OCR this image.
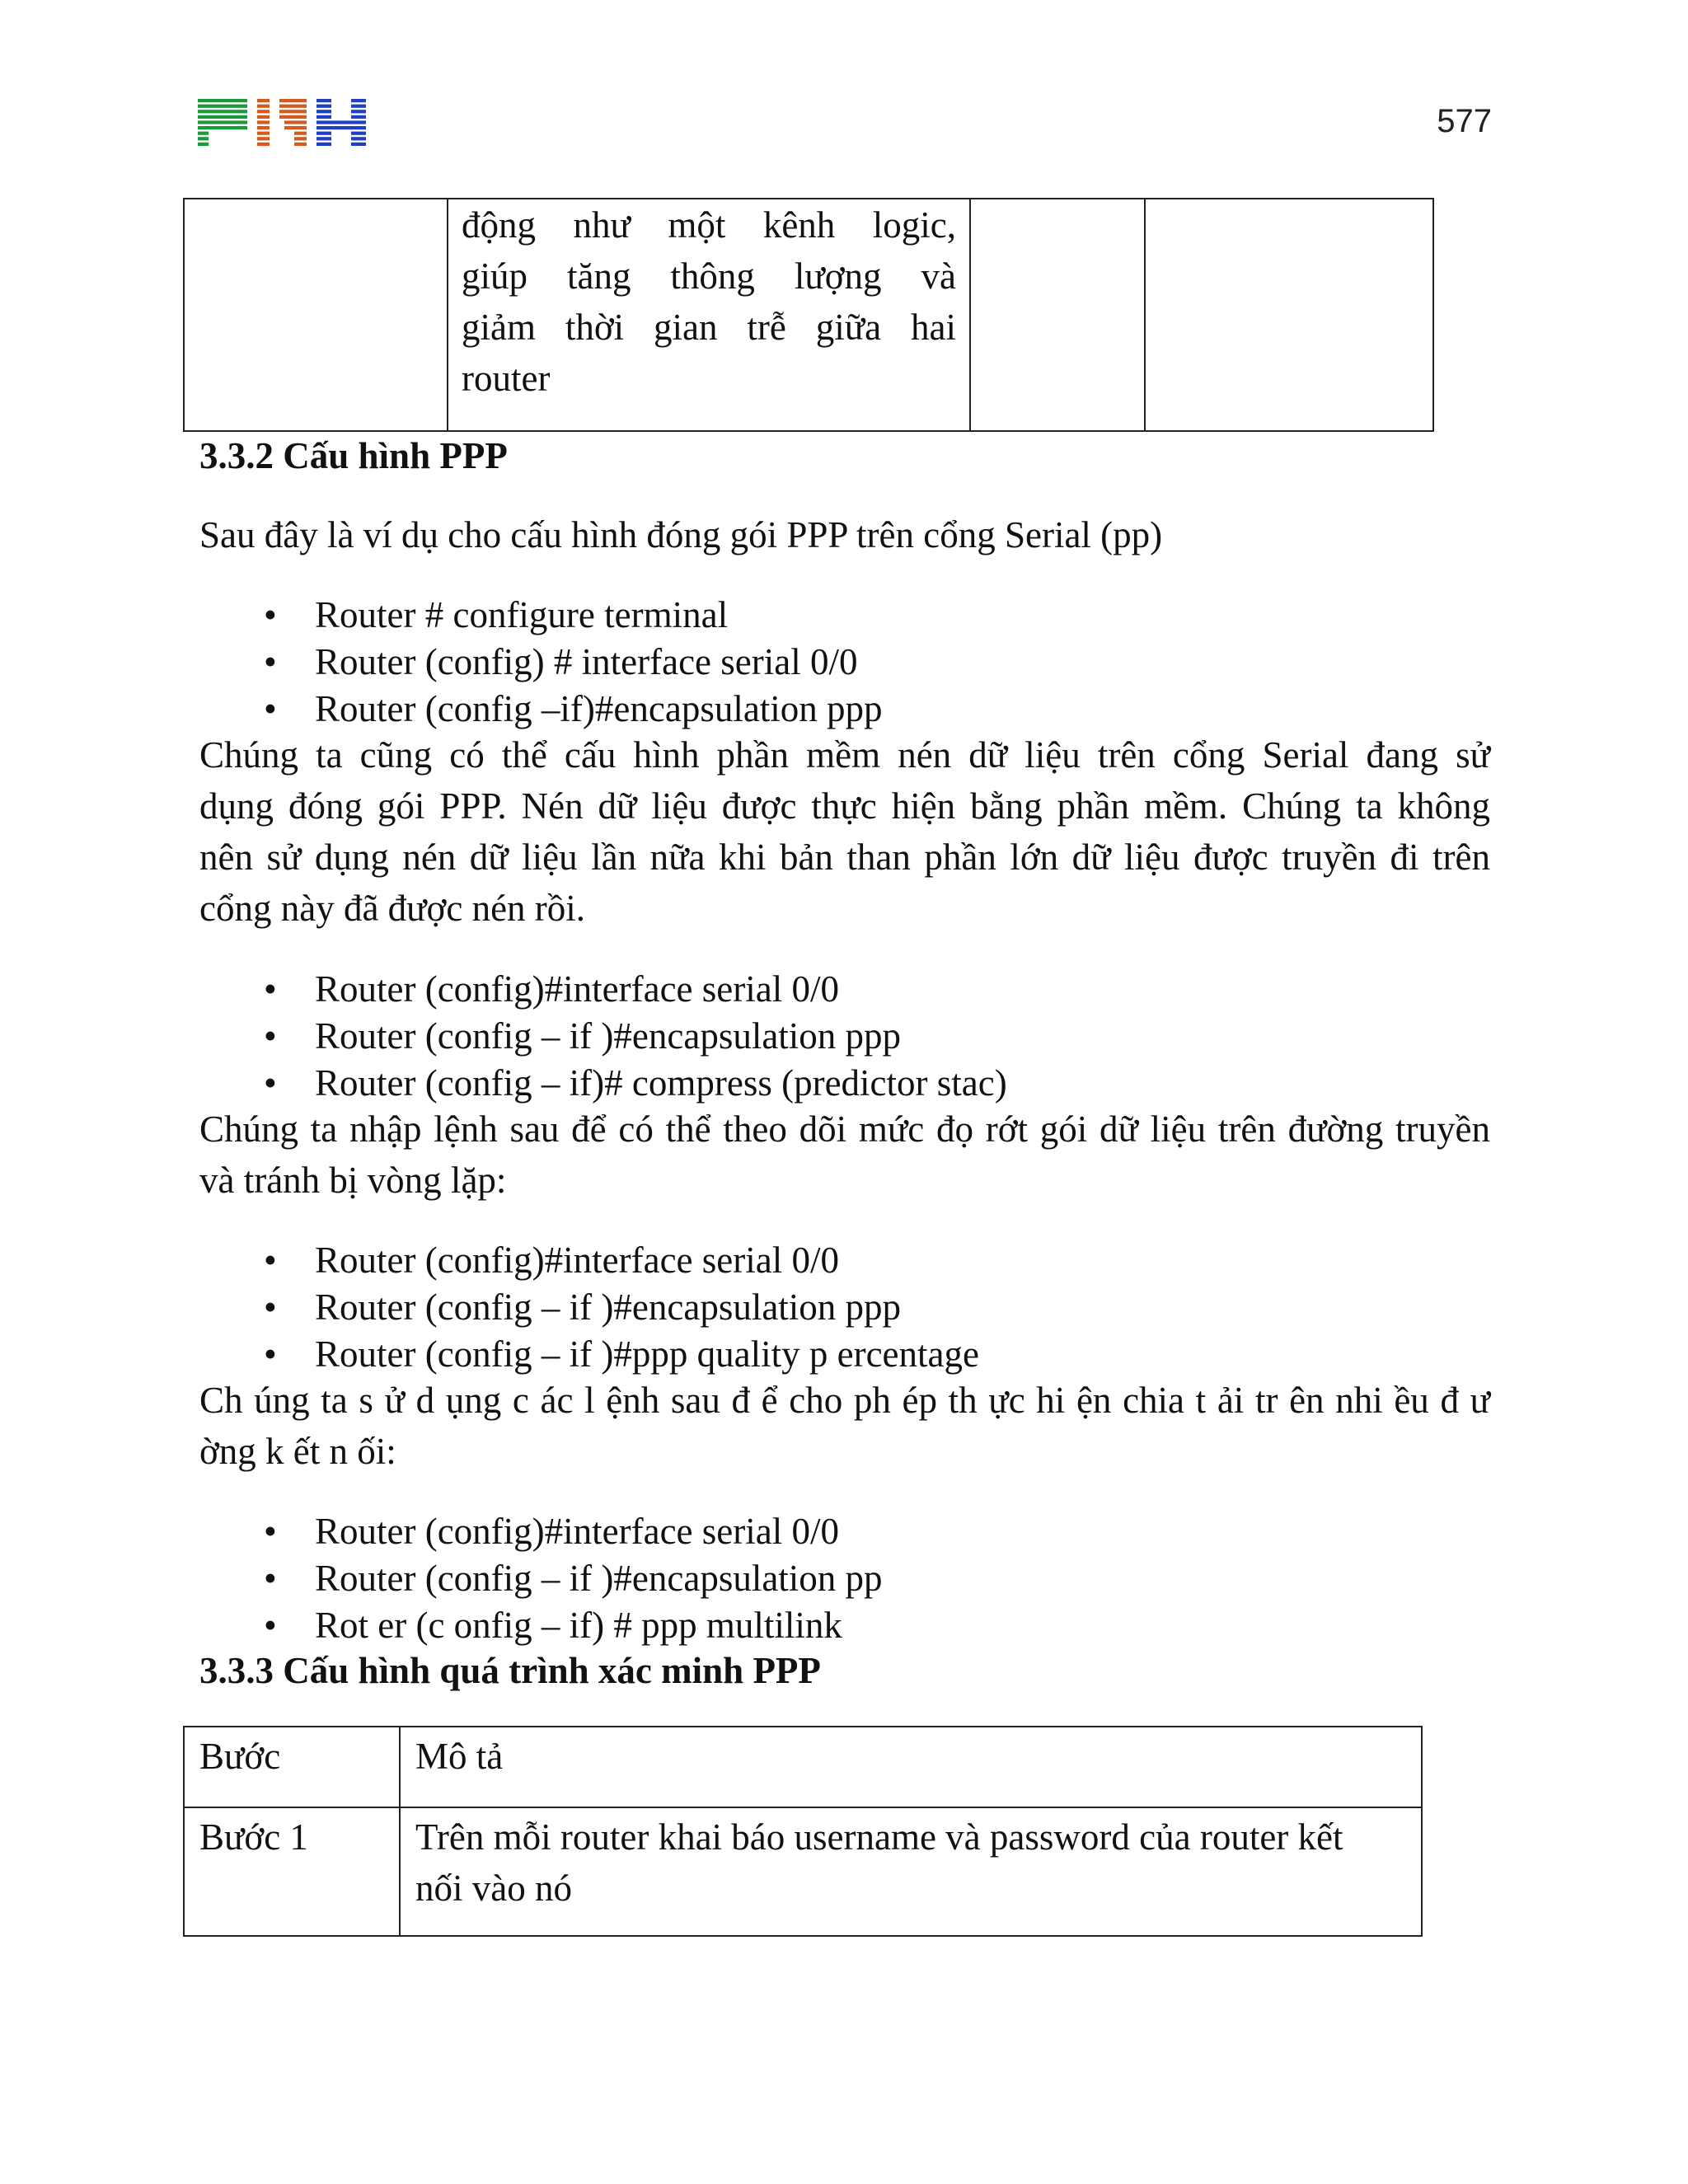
577

động như một kênh logic,
giúp tăng thông lượng và
giảm thời gian trễ giữa hai
router

3.3.2 Cấu hình PPP
Sau đây là ví dụ cho cấu hình đóng gói PPP trên cổng Serial (pp)
• Router # configure terminal
• Router (config) # interface serial 0/0
• Router (config –if)#encapsulation ppp
Chúng ta cũng có thể cấu hình phần mềm nén dữ liệu trên cổng Serial đang sử
dụng đóng gói PPP. Nén dữ liệu được thực hiện bằng phần mềm. Chúng ta không
nên sử dụng nén dữ liệu lần nữa khi bản than phần lớn dữ liệu được truyền đi trên
cổng này đã được nén rồi.
• Router (config)#interface serial 0/0
• Router (config – if )#encapsulation ppp
• Router (config – if)# compress (predictor stac)
Chúng ta nhập lệnh sau để có thể theo dõi mức đọ rớt gói dữ liệu trên đường truyền
và tránh bị vòng lặp:
• Router (config)#interface serial 0/0
• Router (config – if )#encapsulation ppp
• Router (config – if )#ppp quality p ercentage
Ch úng ta s ử d ụng c ác l ệnh sau đ ể cho ph ép th ực hi ện chia t ải tr ên nhi ều đ ư
ờng k ết n ối:
• Router (config)#interface serial 0/0
• Router (config – if )#encapsulation pp
• Rot er (c onfig – if) # ppp multilink
3.3.3 Cấu hình quá trình xác minh PPP
Bước	Mô tả
Bước 1	Trên mỗi router khai báo username và password của router kết
nối vào nó
